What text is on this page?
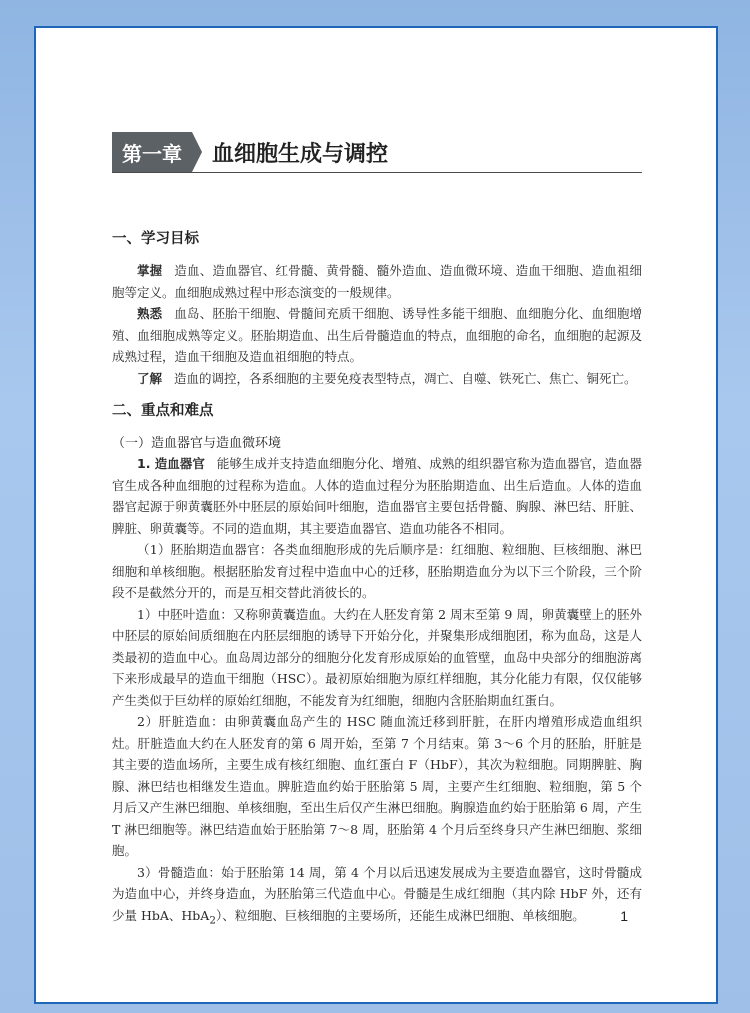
第一章	血细胞生成与调控
一、学习目标

掌握 造血、造血器官、红骨髓、黄骨髓、髓外造血、造血微环境、造血干细胞、造血祖细胞等定义。血细胞成熟过程中形态演变的一般规律。

熟悉 血岛、胚胎干细胞、骨髓间充质干细胞、诱导性多能干细胞、血细胞分化、血细胞增殖、血细胞成熟等定义。胚胎期造血、出生后骨髓造血的特点，血细胞的命名，血细胞的起源及成熟过程，造血干细胞及造血祖细胞的特点。

了解 造血的调控，各系细胞的主要免疫表型特点，凋亡、自噬、铁死亡、焦亡、铜死亡。

二、重点和难点
（一）造血器官与造血微环境

1. 造血器官 能够生成并支持造血细胞分化、增殖、成熟的组织器官称为造血器官，造血器官生成各种血细胞的过程称为造血。人体的造血过程分为胚胎期造血、出生后造血。人体的造血器官起源于卵黄囊胚外中胚层的原始间叶细胞，造血器官主要包括骨髓、胸腺、淋巴结、肝脏、脾脏、卵黄囊等。不同的造血期，其主要造血器官、造血功能各不相同。

（1）胚胎期造血器官：各类血细胞形成的先后顺序是：红细胞、粒细胞、巨核细胞、淋巴细胞和单核细胞。根据胚胎发育过程中造血中心的迁移，胚胎期造血分为以下三个阶段，三个阶段不是截然分开的，而是互相交替此消彼长的。

1）中胚叶造血：又称卵黄囊造血。大约在人胚发育第 2 周末至第 9 周，卵黄囊壁上的胚外中胚层的原始间质细胞在内胚层细胞的诱导下开始分化，并聚集形成细胞团，称为血岛，这是人类最初的造血中心。血岛周边部分的细胞分化发育形成原始的血管壁，血岛中央部分的细胞游离下来形成最早的造血干细胞（HSC）。最初原始细胞为原红样细胞，其分化能力有限，仅仅能够产生类似于巨幼样的原始红细胞，不能发育为红细胞，细胞内含胚胎期血红蛋白。

2）肝脏造血：由卵黄囊血岛产生的 HSC 随血流迁移到肝脏，在肝内增殖形成造血组织灶。肝脏造血大约在人胚发育的第 6 周开始，至第 7 个月结束。第 3～6 个月的胚胎，肝脏是其主要的造血场所，主要生成有核红细胞、血红蛋白 F（HbF），其次为粒细胞。同期脾脏、胸腺、淋巴结也相继发生造血。脾脏造血约始于胚胎第 5 周，主要产生红细胞、粒细胞，第 5 个月后又产生淋巴细胞、单核细胞，至出生后仅产生淋巴细胞。胸腺造血约始于胚胎第 6 周，产生 T 淋巴细胞等。淋巴结造血始于胚胎第 7～8 周，胚胎第 4 个月后至终身只产生淋巴细胞、浆细胞。

3）骨髓造血：始于胚胎第 14 周，第 4 个月以后迅速发展成为主要造血器官，这时骨髓成为造血中心，并终身造血，为胚胎第三代造血中心。骨髓是生成红细胞（其内除 HbF 外，还有少量 HbA、HbA$_2$）、粒细胞、巨核细胞的主要场所，还能生成淋巴细胞、单核细胞。	1
